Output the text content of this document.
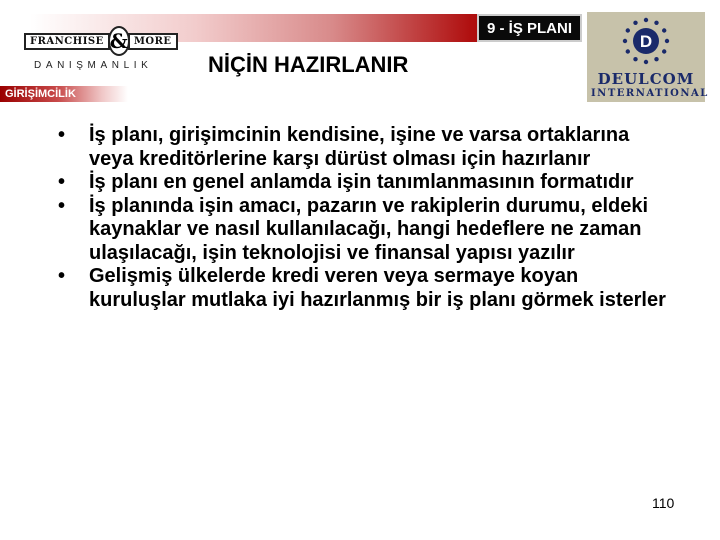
9 - İŞ PLANI
FRANCHISE & MORE
DANIŞMANLIK
GİRİŞİMCİLİK
NİÇİN HAZIRLANIR
D
DEULCOM
INTERNATIONAL
• İş planı, girişimcinin kendisine, işine ve varsa ortaklarına veya kreditörlerine karşı dürüst olması için hazırlanır
• İş planı en genel anlamda işin tanımlanmasının formatıdır
• İş planında işin amacı, pazarın ve rakiplerin durumu, eldeki kaynaklar ve nasıl kullanılacağı, hangi hedeflere ne zaman ulaşılacağı, işin teknolojisi ve finansal yapısı yazılır
• Gelişmiş ülkelerde kredi veren veya sermaye koyan kuruluşlar mutlaka iyi hazırlanmış bir iş planı görmek isterler
110
